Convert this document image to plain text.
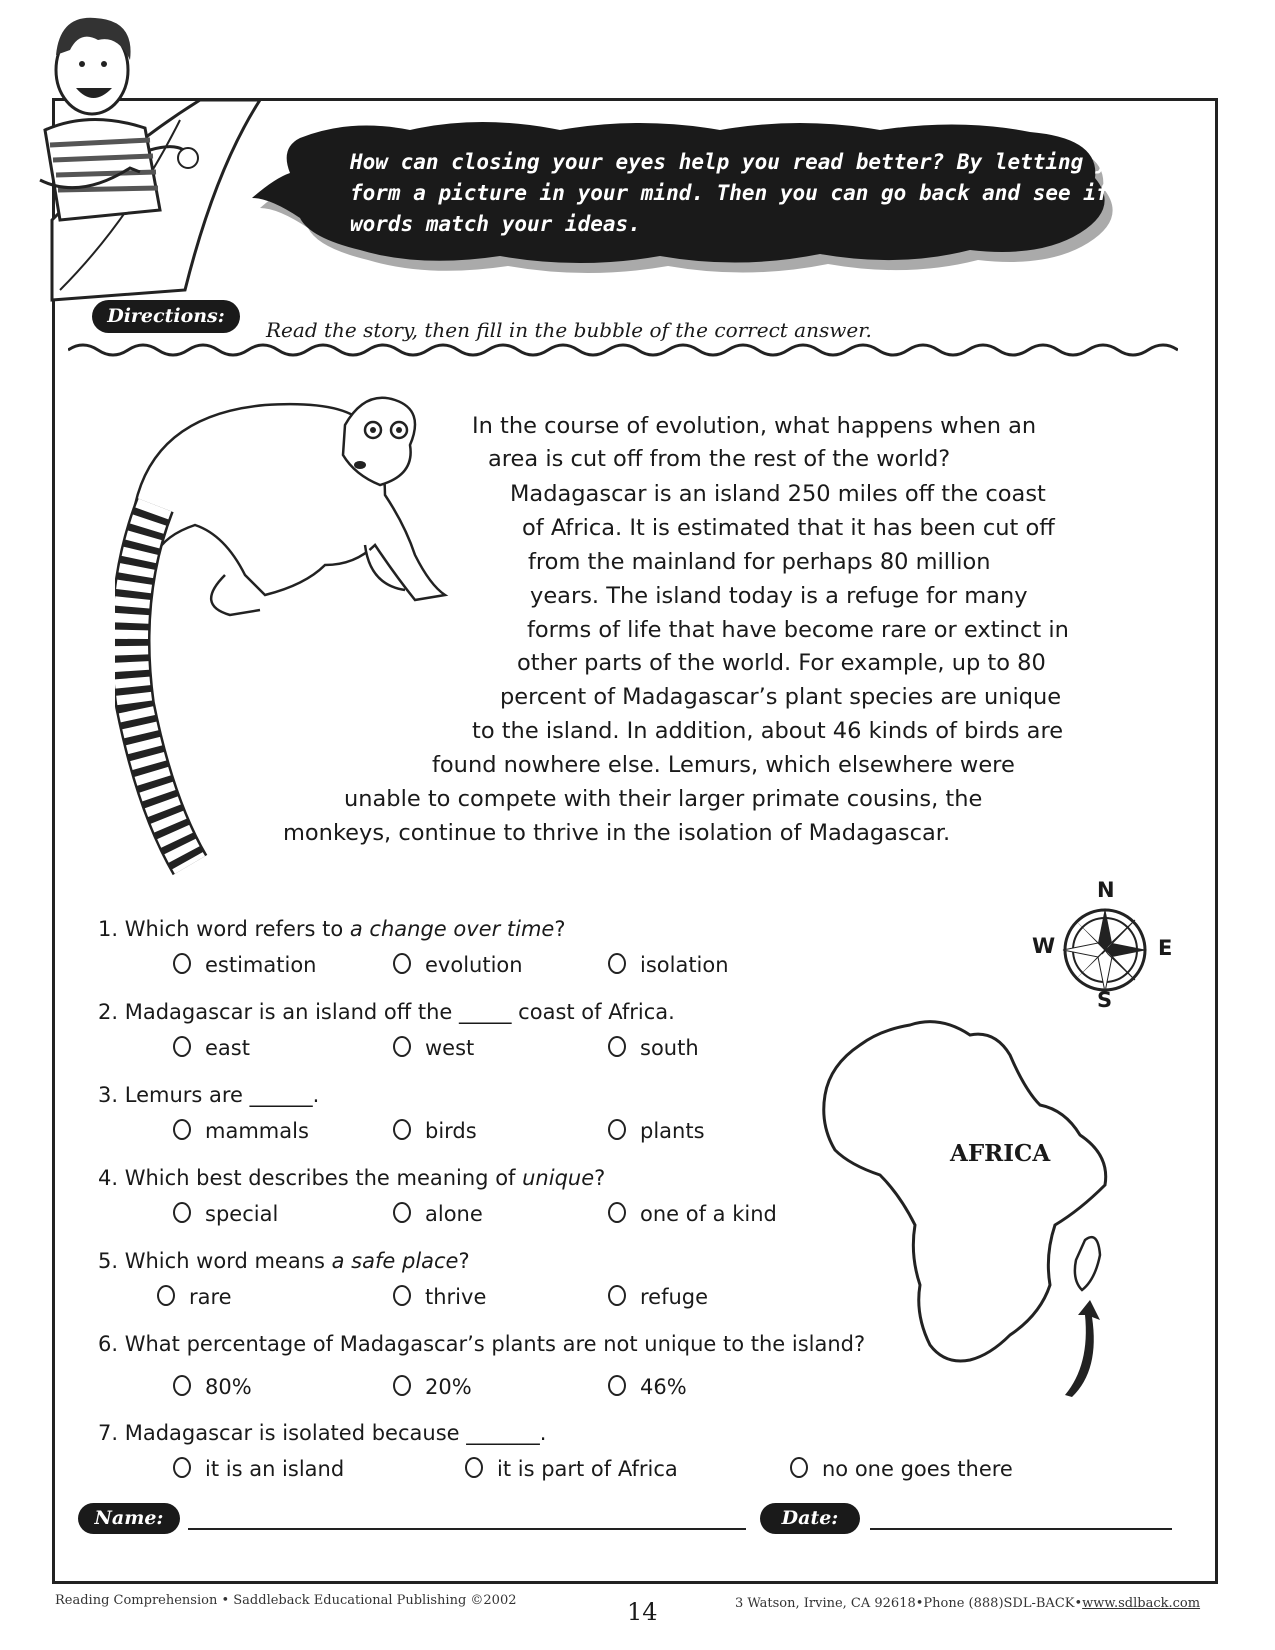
How can closing your eyes help you read better? By letting you form a picture in your mind. Then you can go back and see if the words match your ideas.
Directions:
Read the story, then fill in the bubble of the correct answer.
In the course of evolution, what happens when an
area is cut off from the rest of the world?
Madagascar is an island 250 miles off the coast
of Africa. It is estimated that it has been cut off
from the mainland for perhaps 80 million
years. The island today is a refuge for many
forms of life that have become rare or extinct in
other parts of the world. For example, up to 80
percent of Madagascar’s plant species are unique
to the island. In addition, about 46 kinds of birds are
found nowhere else. Lemurs, which elsewhere were
unable to compete with their larger primate cousins, the
monkeys, continue to thrive in the isolation of Madagascar.
N
S
W	E
AFRICA
1. Which word refers to a change over time?
estimation	evolution	isolation
2. Madagascar is an island off the _____ coast of Africa.
east	west	south
3. Lemurs are ______.
mammals	birds	plants
4. Which best describes the meaning of unique?
special	alone	one of a kind
5. Which word means a safe place?
rare	thrive	refuge
6. What percentage of Madagascar’s plants are not unique to the island?
80%	20%	46%
7. Madagascar is isolated because _______.
it is an island	it is part of Africa	no one goes there
Name:	Date:
Reading Comprehension • Saddleback Educational Publishing ©2002	14	3 Watson, Irvine, CA 92618•Phone (888)SDL-BACK•www.sdlback.com
